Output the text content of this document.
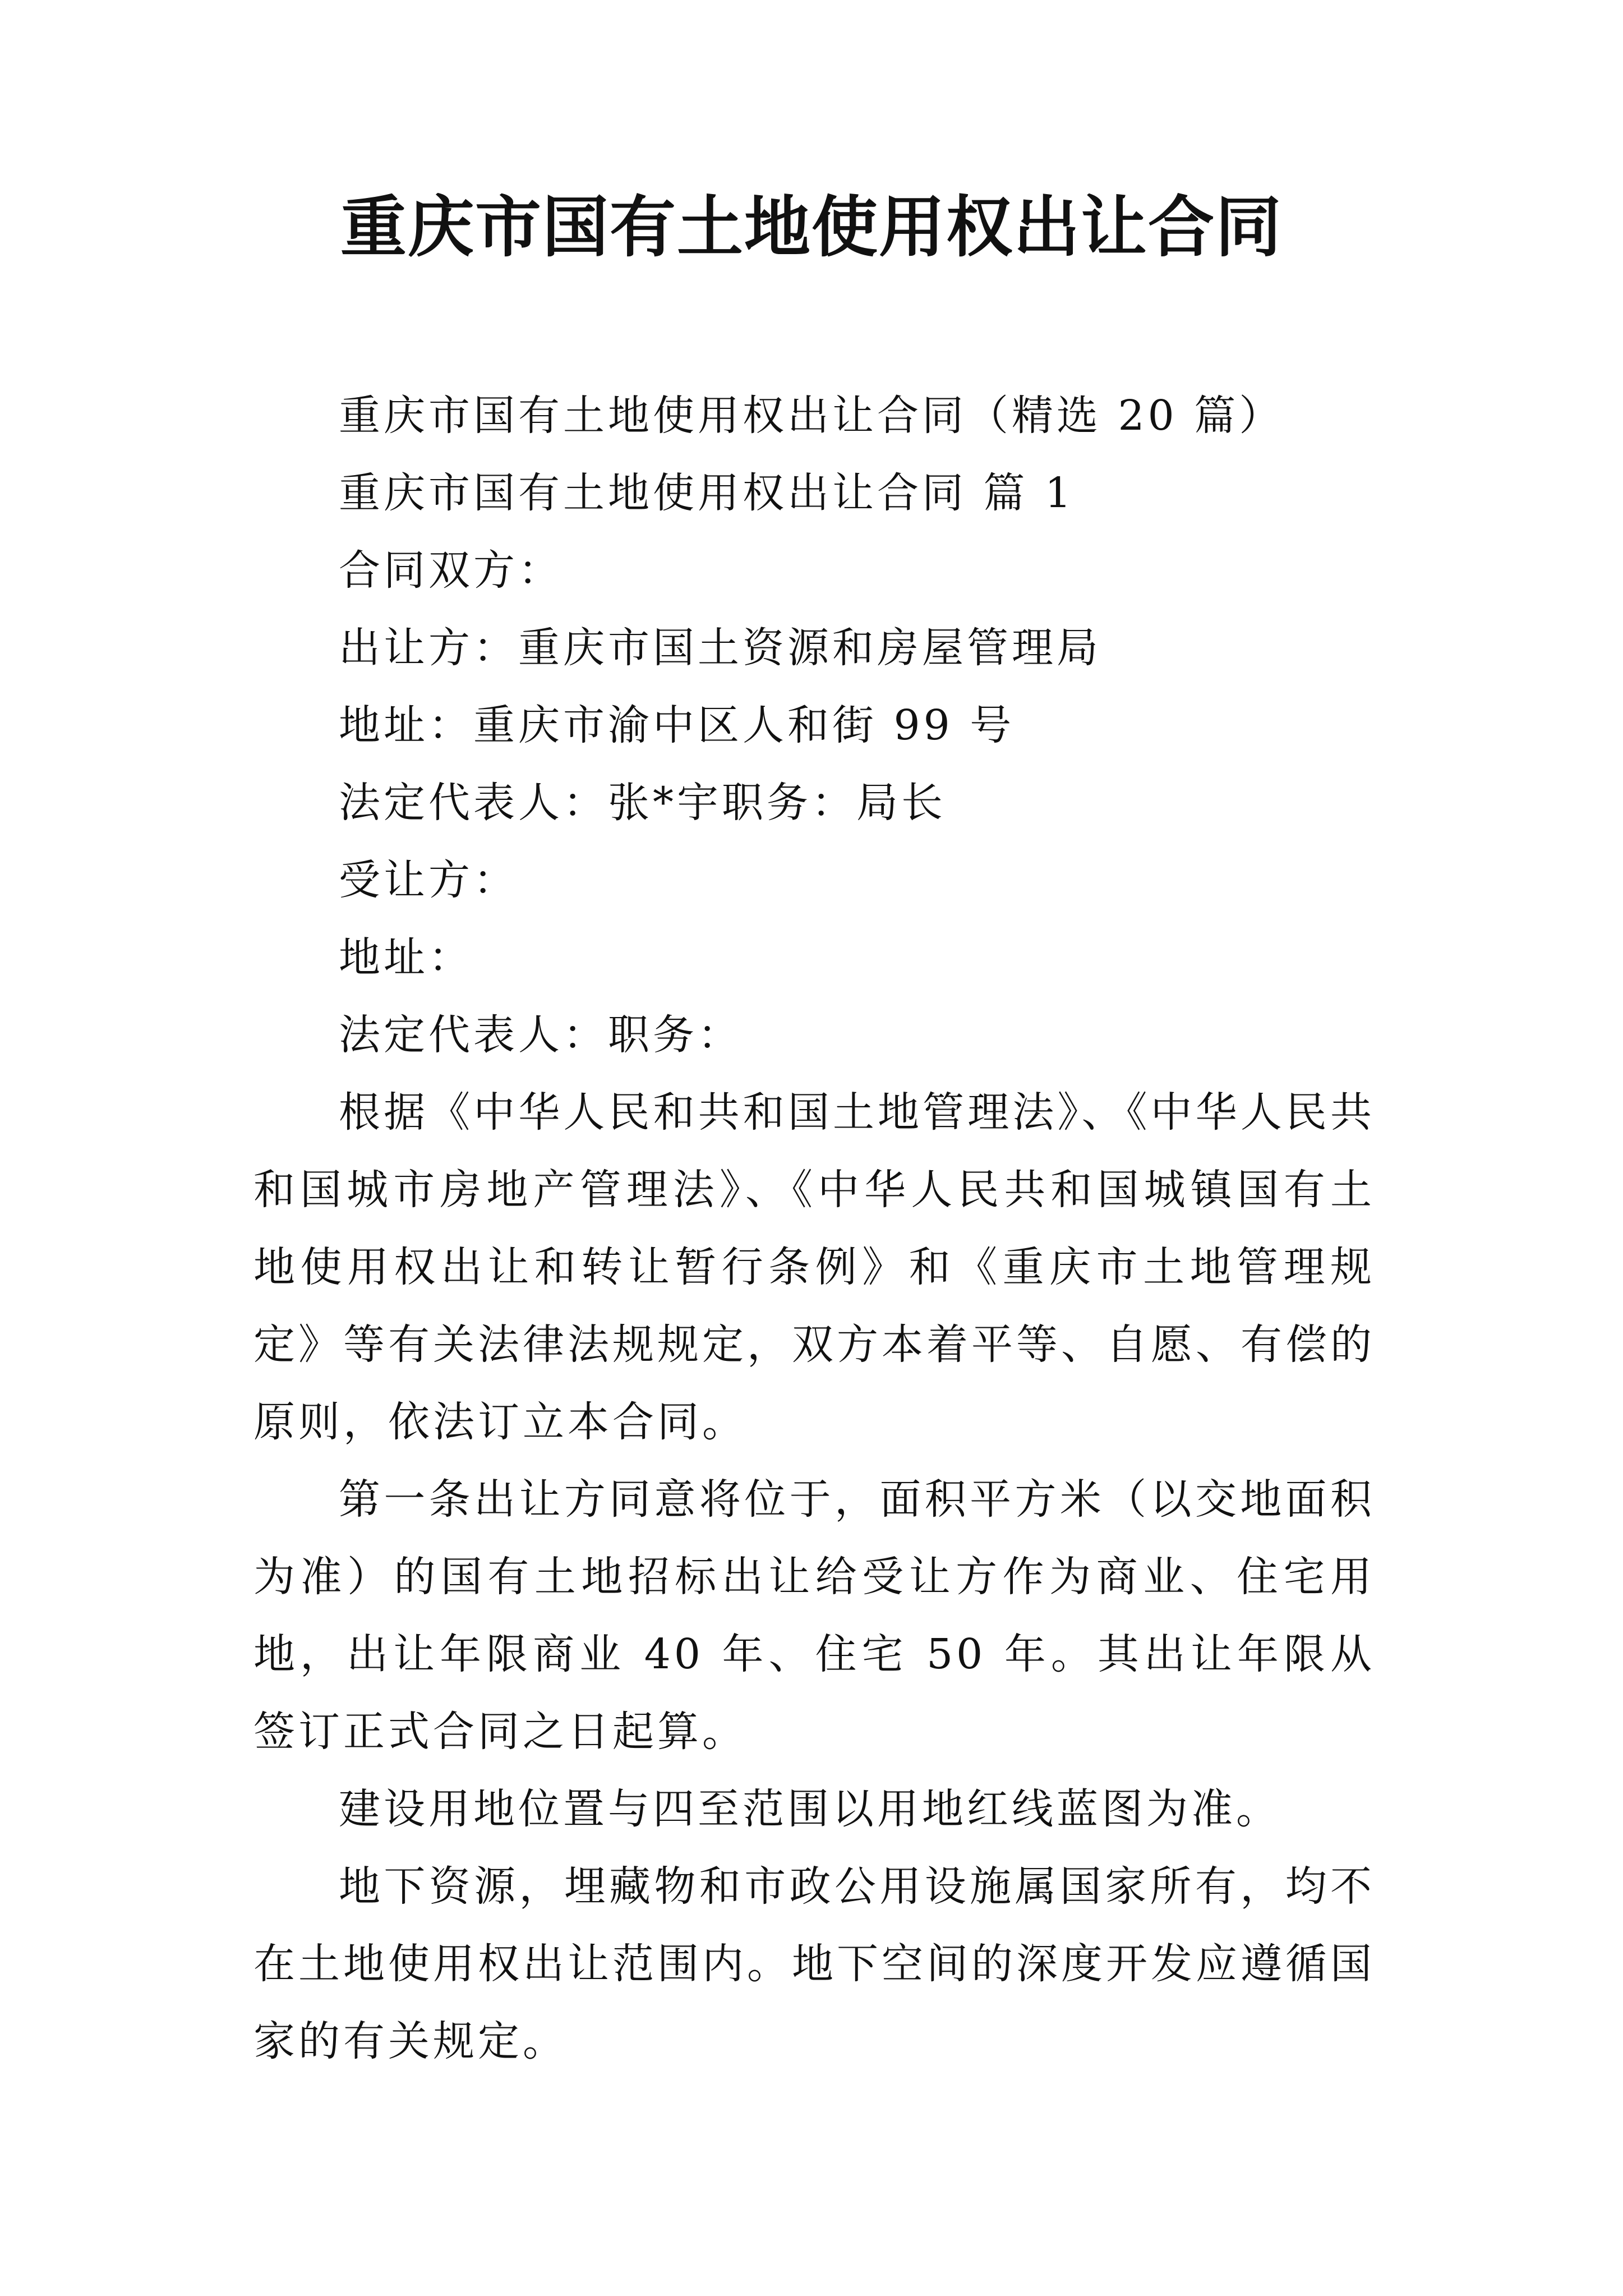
重庆市国有土地使用权出让合同
重庆市国有土地使用权出让合同（精选 20 篇）
重庆市国有土地使用权出让合同 篇 1
合同双方：
出让方：重庆市国土资源和房屋管理局
地址：重庆市渝中区人和街 99 号
法定代表人：张*宇职务：局长
受让方：
地址：
法定代表人：职务：

根据《中华人民和共和国土地管理法》、《中华人民共和国城市房地产管理法》、《中华人民共和国城镇国有土地使用权出让和转让暂行条例》和《重庆市土地管理规定》等有关法律法规规定，双方本着平等、自愿、有偿的原则，依法订立本合同。

第一条出让方同意将位于，面积平方米（以交地面积为准）的国有土地招标出让给受让方作为商业、住宅用地，出让年限商业 40 年、住宅 50 年。其出让年限从签订正式合同之日起算。

建设用地位置与四至范围以用地红线蓝图为准。

地下资源，埋藏物和市政公用设施属国家所有，均不在土地使用权出让范围内。地下空间的深度开发应遵循国家的有关规定。
